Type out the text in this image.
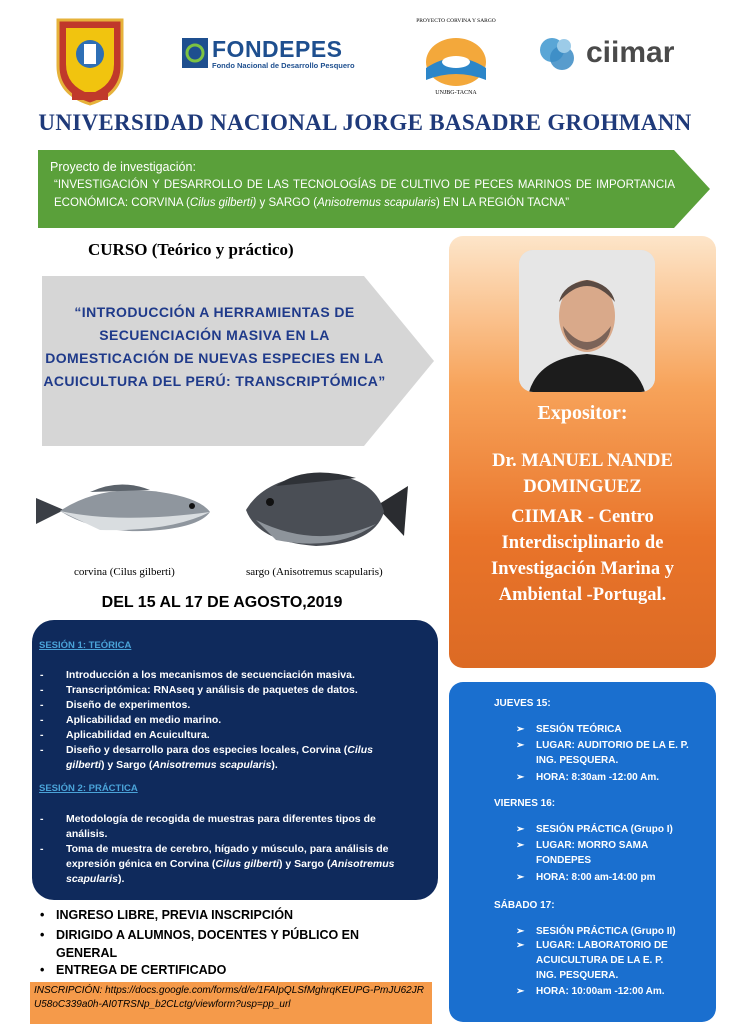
FONDEPES
Fondo Nacional de Desarrollo Pesquero
PROYECTO CORVINA Y SARGO
UNJBG-TACNA
ciimar
UNIVERSIDAD NACIONAL JORGE BASADRE GROHMANN
Proyecto de investigación:
“INVESTIGACIÓN Y DESARROLLO DE LAS TECNOLOGÍAS DE CULTIVO DE PECES MARINOS DE IMPORTANCIA ECONÓMICA: CORVINA (Cilus gilberti) y SARGO (Anisotremus scapularis) EN LA REGIÓN TACNA”
CURSO (Teórico y práctico)
“INTRODUCCIÓN A HERRAMIENTAS DE SECUENCIACIÓN MASIVA EN LA DOMESTICACIÓN DE NUEVAS ESPECIES EN LA ACUICULTURA DEL PERÚ: TRANSCRIPTÓMICA”
Expositor:
Dr. MANUEL NANDE DOMINGUEZ
CIIMAR - Centro Interdisciplinario de Investigación Marina y Ambiental -Portugal.
corvina (Cilus gilberti)	sargo (Anisotremus scapularis)
DEL 15 AL 17 DE AGOSTO,2019
SESIÓN 1: TEÓRICA
- Introducción a los mecanismos de secuenciación masiva.
- Transcriptómica: RNAseq y análisis de paquetes de datos.
- Diseño de experimentos.
- Aplicabilidad en medio marino.
- Aplicabilidad en Acuicultura.
- Diseño y desarrollo para dos especies locales, Corvina (Cilus gilberti) y Sargo (Anisotremus scapularis).
SESIÓN 2: PRÁCTICA
- Metodología de recogida de muestras para diferentes tipos de análisis.
- Toma de muestra de cerebro, hígado y músculo, para análisis de expresión génica en Corvina (Cilus gilberti) y Sargo (Anisotremus scapularis).
• INGRESO LIBRE, PREVIA INSCRIPCIÓN
• DIRIGIDO A ALUMNOS, DOCENTES Y PÚBLICO EN GENERAL
• ENTREGA DE CERTIFICADO
INSCRIPCIÓN: https://docs.google.com/forms/d/e/1FAIpQLSfMghrqKEUPG-PmJU62JRU58oC339a0h-AI0TRSNp_b2CLctg/viewform?usp=pp_url
JUEVES 15:
➢ SESIÓN TEÓRICA
➢ LUGAR: AUDITORIO DE LA E. P. ING. PESQUERA.
➢ HORA: 8:30am -12:00 Am.
VIERNES 16:
➢ SESIÓN PRÁCTICA (Grupo I)
➢ LUGAR: MORRO SAMA FONDEPES
➢ HORA: 8:00 am-14:00 pm
SÁBADO 17:
➢ SESIÓN PRÁCTICA (Grupo II)
➢ LUGAR: LABORATORIO DE ACUICULTURA DE LA E. P. ING. PESQUERA.
➢ HORA: 10:00am -12:00 Am.
